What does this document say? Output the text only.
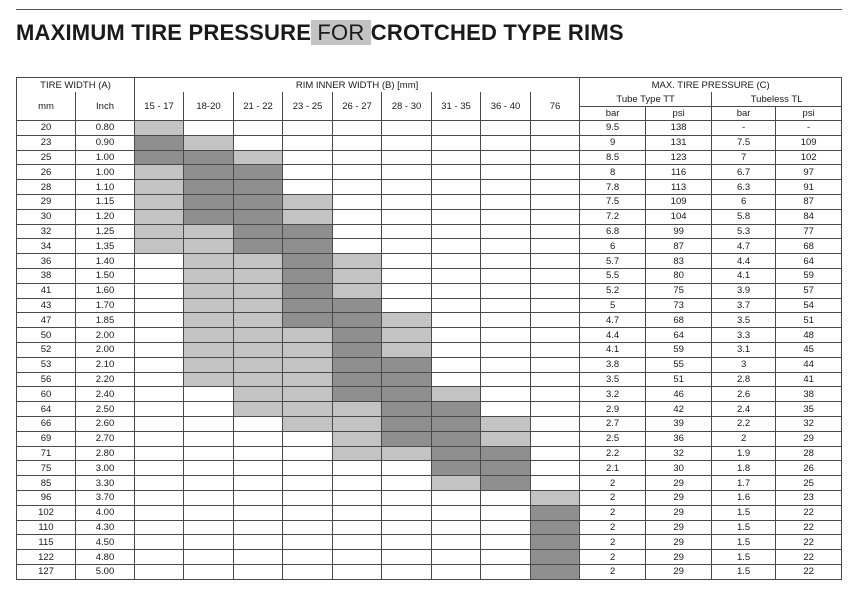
MAXIMUM TIRE PRESSURE FOR CROTCHED TYPE RIMS
TIRE WIDTH (A)		RIM INNER WIDTH (B) [mm]									MAX. TIRE PRESSURE (C)			
mm	Inch	15 - 17	18-20	21 - 22	23 - 25	26 - 27	28 - 30	31 - 35	36 - 40	76	Tube Type TT		Tubeless TL	
											bar	psi	bar	psi
20	0.80										9.5	138	-	-
23	0.90										9	131	7.5	109
25	1.00										8.5	123	7	102
26	1.00										8	116	6.7	97
28	1.10										7.8	113	6.3	91
29	1.15										7.5	109	6	87
30	1.20										7.2	104	5.8	84
32	1.25										6.8	99	5.3	77
34	1.35										6	87	4.7	68
36	1.40										5.7	83	4.4	64
38	1.50										5.5	80	4.1	59
41	1.60										5.2	75	3.9	57
43	1.70										5	73	3.7	54
47	1.85										4.7	68	3.5	51
50	2.00										4.4	64	3.3	48
52	2.00										4.1	59	3.1	45
53	2.10										3.8	55	3	44
56	2.20										3.5	51	2.8	41
60	2.40										3.2	46	2.6	38
64	2.50										2.9	42	2.4	35
66	2.60										2.7	39	2.2	32
69	2.70										2.5	36	2	29
71	2.80										2.2	32	1.9	28
75	3.00										2.1	30	1.8	26
85	3.30										2	29	1.7	25
96	3.70										2	29	1.6	23
102	4.00										2	29	1.5	22
110	4.30										2	29	1.5	22
115	4.50										2	29	1.5	22
122	4.80										2	29	1.5	22
127	5.00										2	29	1.5	22
